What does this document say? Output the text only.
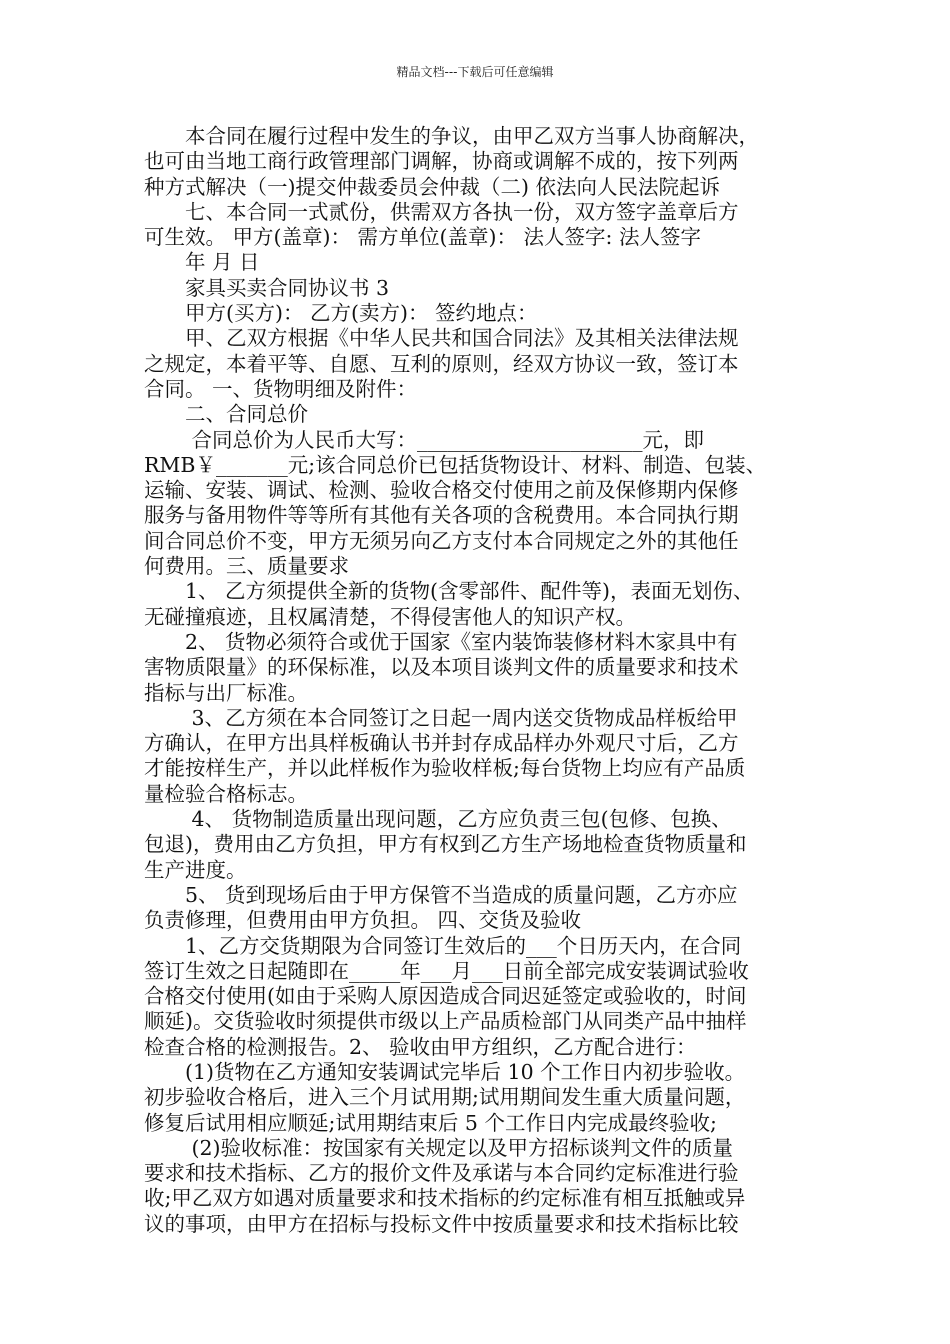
精品文档---下载后可任意编辑

　　本合同在履行过程中发生的争议，由甲乙双方当事人协商解决，

也可由当地工商行政管理部门调解，协商或调解不成的，按下列两

种方式解决（一)提交仲裁委员会仲裁（二) 依法向人民法院起诉

　　七、本合同一式贰份，供需双方各执一份，双方签字盖章后方

可生效。 甲方(盖章)： 需方单位(盖章)： 法人签字: 法人签字

　　年 月 日

　　家具买卖合同协议书 3

　　甲方(买方)： 乙方(卖方)： 签约地点：

　　甲、乙双方根据《中华人民共和国合同法》及其相关法律法规

之规定，本着平等、自愿、互利的原则，经双方协议一致，签订本

合同。 一、货物明细及附件：

　　二、合同总价

　　 合同总价为人民币大写：______________________元，即

RMB￥_______元;该合同总价已包括货物设计、材料、制造、包装、

运输、安装、调试、检测、验收合格交付使用之前及保修期内保修

服务与备用物件等等所有其他有关各项的含税费用。本合同执行期

间合同总价不变，甲方无须另向乙方支付本合同规定之外的其他任

何费用。三、质量要求

　　1、 乙方须提供全新的货物(含零部件、配件等)，表面无划伤、

无碰撞痕迹，且权属清楚，不得侵害他人的知识产权。

　　2、 货物必须符合或优于国家《室内装饰装修材料木家具中有

害物质限量》的环保标准，以及本项目谈判文件的质量要求和技术

指标与出厂标准。

　　 3、乙方须在本合同签订之日起一周内送交货物成品样板给甲

方确认，在甲方出具样板确认书并封存成品样办外观尺寸后，乙方

才能按样生产，并以此样板作为验收样板;每台货物上均应有产品质

量检验合格标志。

　　 4、 货物制造质量出现问题，乙方应负责三包(包修、包换、

包退)，费用由乙方负担，甲方有权到乙方生产场地检查货物质量和

生产进度。

　　5、 货到现场后由于甲方保管不当造成的质量问题，乙方亦应

负责修理，但费用由甲方负担。 四、交货及验收

　　1、乙方交货期限为合同签订生效后的___个日历天内，在合同

签订生效之日起随即在_____年___月___日前全部完成安装调试验收

合格交付使用(如由于采购人原因造成合同迟延签定或验收的，时间

顺延)。交货验收时须提供市级以上产品质检部门从同类产品中抽样

检查合格的检测报告。2、 验收由甲方组织，乙方配合进行：

　　(1)货物在乙方通知安装调试完毕后 10 个工作日内初步验收。

初步验收合格后，进入三个月试用期;试用期间发生重大质量问题，

修复后试用相应顺延;试用期结束后 5 个工作日内完成最终验收;

　　 (2)验收标准：按国家有关规定以及甲方招标谈判文件的质量

要求和技术指标、乙方的报价文件及承诺与本合同约定标准进行验

收;甲乙双方如遇对质量要求和技术指标的约定标准有相互抵触或异

议的事项，由甲方在招标与投标文件中按质量要求和技术指标比较
